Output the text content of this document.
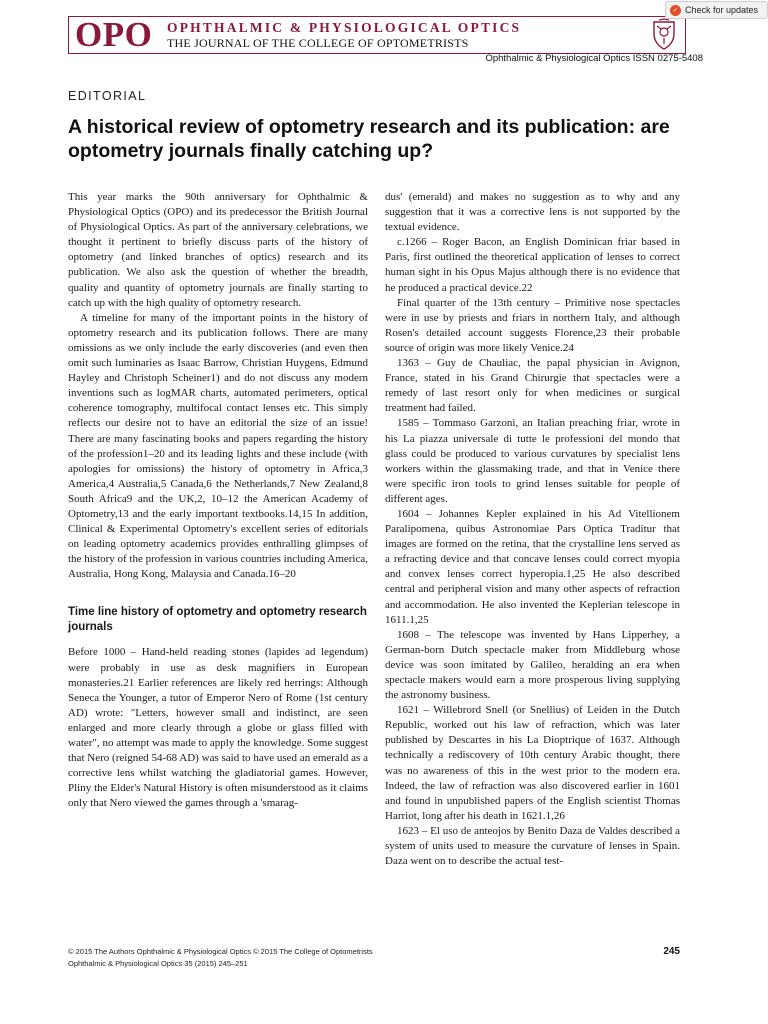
OPO OPHTHALMIC & PHYSIOLOGICAL OPTICS
THE JOURNAL OF THE COLLEGE OF OPTOMETRISTS
✓ Check for updates
Ophthalmic & Physiological Optics ISSN 0275-5408
EDITORIAL
A historical review of optometry research and its publication: are optometry journals finally catching up?

This year marks the 90th anniversary for Ophthalmic & Physiological Optics (OPO) and its predecessor the British Journal of Physiological Optics. As part of the anniversary celebrations, we thought it pertinent to briefly discuss parts of the history of optometry (and linked branches of optics) research and its publication. We also ask the question of whether the breadth, quality and quantity of optometry journals are finally starting to catch up with the high quality of optometry research.

A timeline for many of the important points in the history of optometry research and its publication follows. There are many omissions as we only include the early discoveries (and even then omit such luminaries as Isaac Barrow, Christian Huygens, Edmund Hayley and Christoph Scheiner1) and do not discuss any modern inventions such as logMAR charts, automated perimeters, optical coherence tomography, multifocal contact lenses etc. This simply reflects our desire not to have an editorial the size of an issue! There are many fascinating books and papers regarding the history of the profession1–20 and its leading lights and these include (with apologies for omissions) the history of optometry in Africa,3 America,4 Australia,5 Canada,6 the Netherlands,7 New Zealand,8 South Africa9 and the UK,2, 10–12 the American Academy of Optometry,13 and the early important textbooks.14,15 In addition, Clinical & Experimental Optometry's excellent series of editorials on leading optometry academics provides enthralling glimpses of the history of the profession in various countries including America, Australia, Hong Kong, Malaysia and Canada.16–20

Time line history of optometry and optometry research journals

Before 1000 – Hand-held reading stones (lapides ad legendum) were probably in use as desk magnifiers in European monasteries.21 Earlier references are likely red herrings: Although Seneca the Younger, a tutor of Emperor Nero of Rome (1st century AD) wrote: "Letters, however small and indistinct, are seen enlarged and more clearly through a globe or glass filled with water", no attempt was made to apply the knowledge. Some suggest that Nero (reigned 54-68 AD) was said to have used an emerald as a corrective lens whilst watching the gladiatorial games. However, Pliny the Elder's Natural History is often misunderstood as it claims only that Nero viewed the games through a 'smarag-

dus' (emerald) and makes no suggestion as to why and any suggestion that it was a corrective lens is not supported by the textual evidence.

c.1266 – Roger Bacon, an English Dominican friar based in Paris, first outlined the theoretical application of lenses to correct human sight in his Opus Majus although there is no evidence that he produced a practical device.22

Final quarter of the 13th century – Primitive nose spectacles were in use by priests and friars in northern Italy, and although Rosen's detailed account suggests Florence,23 their probable source of origin was more likely Venice.24

1363 – Guy de Chauliac, the papal physician in Avignon, France, stated in his Grand Chirurgie that spectacles were a remedy of last resort only for when medicines or surgical treatment had failed.

1585 – Tommaso Garzoni, an Italian preaching friar, wrote in his La piazza universale di tutte le professioni del mondo that glass could be produced to various curvatures by specialist lens workers within the glassmaking trade, and that in Venice there were specific iron tools to grind lenses suitable for people of different ages.

1604 – Johannes Kepler explained in his Ad Vitellionem Paralipomena, quibus Astronomiae Pars Optica Traditur that images are formed on the retina, that the crystalline lens served as a refracting device and that concave lenses could correct myopia and convex lenses correct hyperopia.1,25 He also described central and peripheral vision and many other aspects of refraction and accommodation. He also invented the Keplerian telescope in 1611.1,25

1608 – The telescope was invented by Hans Lipperhey, a German-born Dutch spectacle maker from Middleburg whose device was soon imitated by Galileo, heralding an era when spectacle makers would earn a more prosperous living supplying the astronomy business.

1621 – Willebrord Snell (or Snellius) of Leiden in the Dutch Republic, worked out his law of refraction, which was later published by Descartes in his La Dioptrique of 1637. Although technically a rediscovery of 10th century Arabic thought, there was no awareness of this in the west prior to the modern era. Indeed, the law of refraction was also discovered earlier in 1601 and found in unpublished papers of the English scientist Thomas Harriot, long after his death in 1621.1,26

1623 – El uso de anteojos by Benito Daza de Valdes described a system of units used to measure the curvature of lenses in Spain. Daza went on to describe the actual test-

© 2015 The Authors Ophthalmic & Physiological Optics © 2015 The College of Optometrists
Ophthalmic & Physiological Optics 35 (2015) 245–251
245
